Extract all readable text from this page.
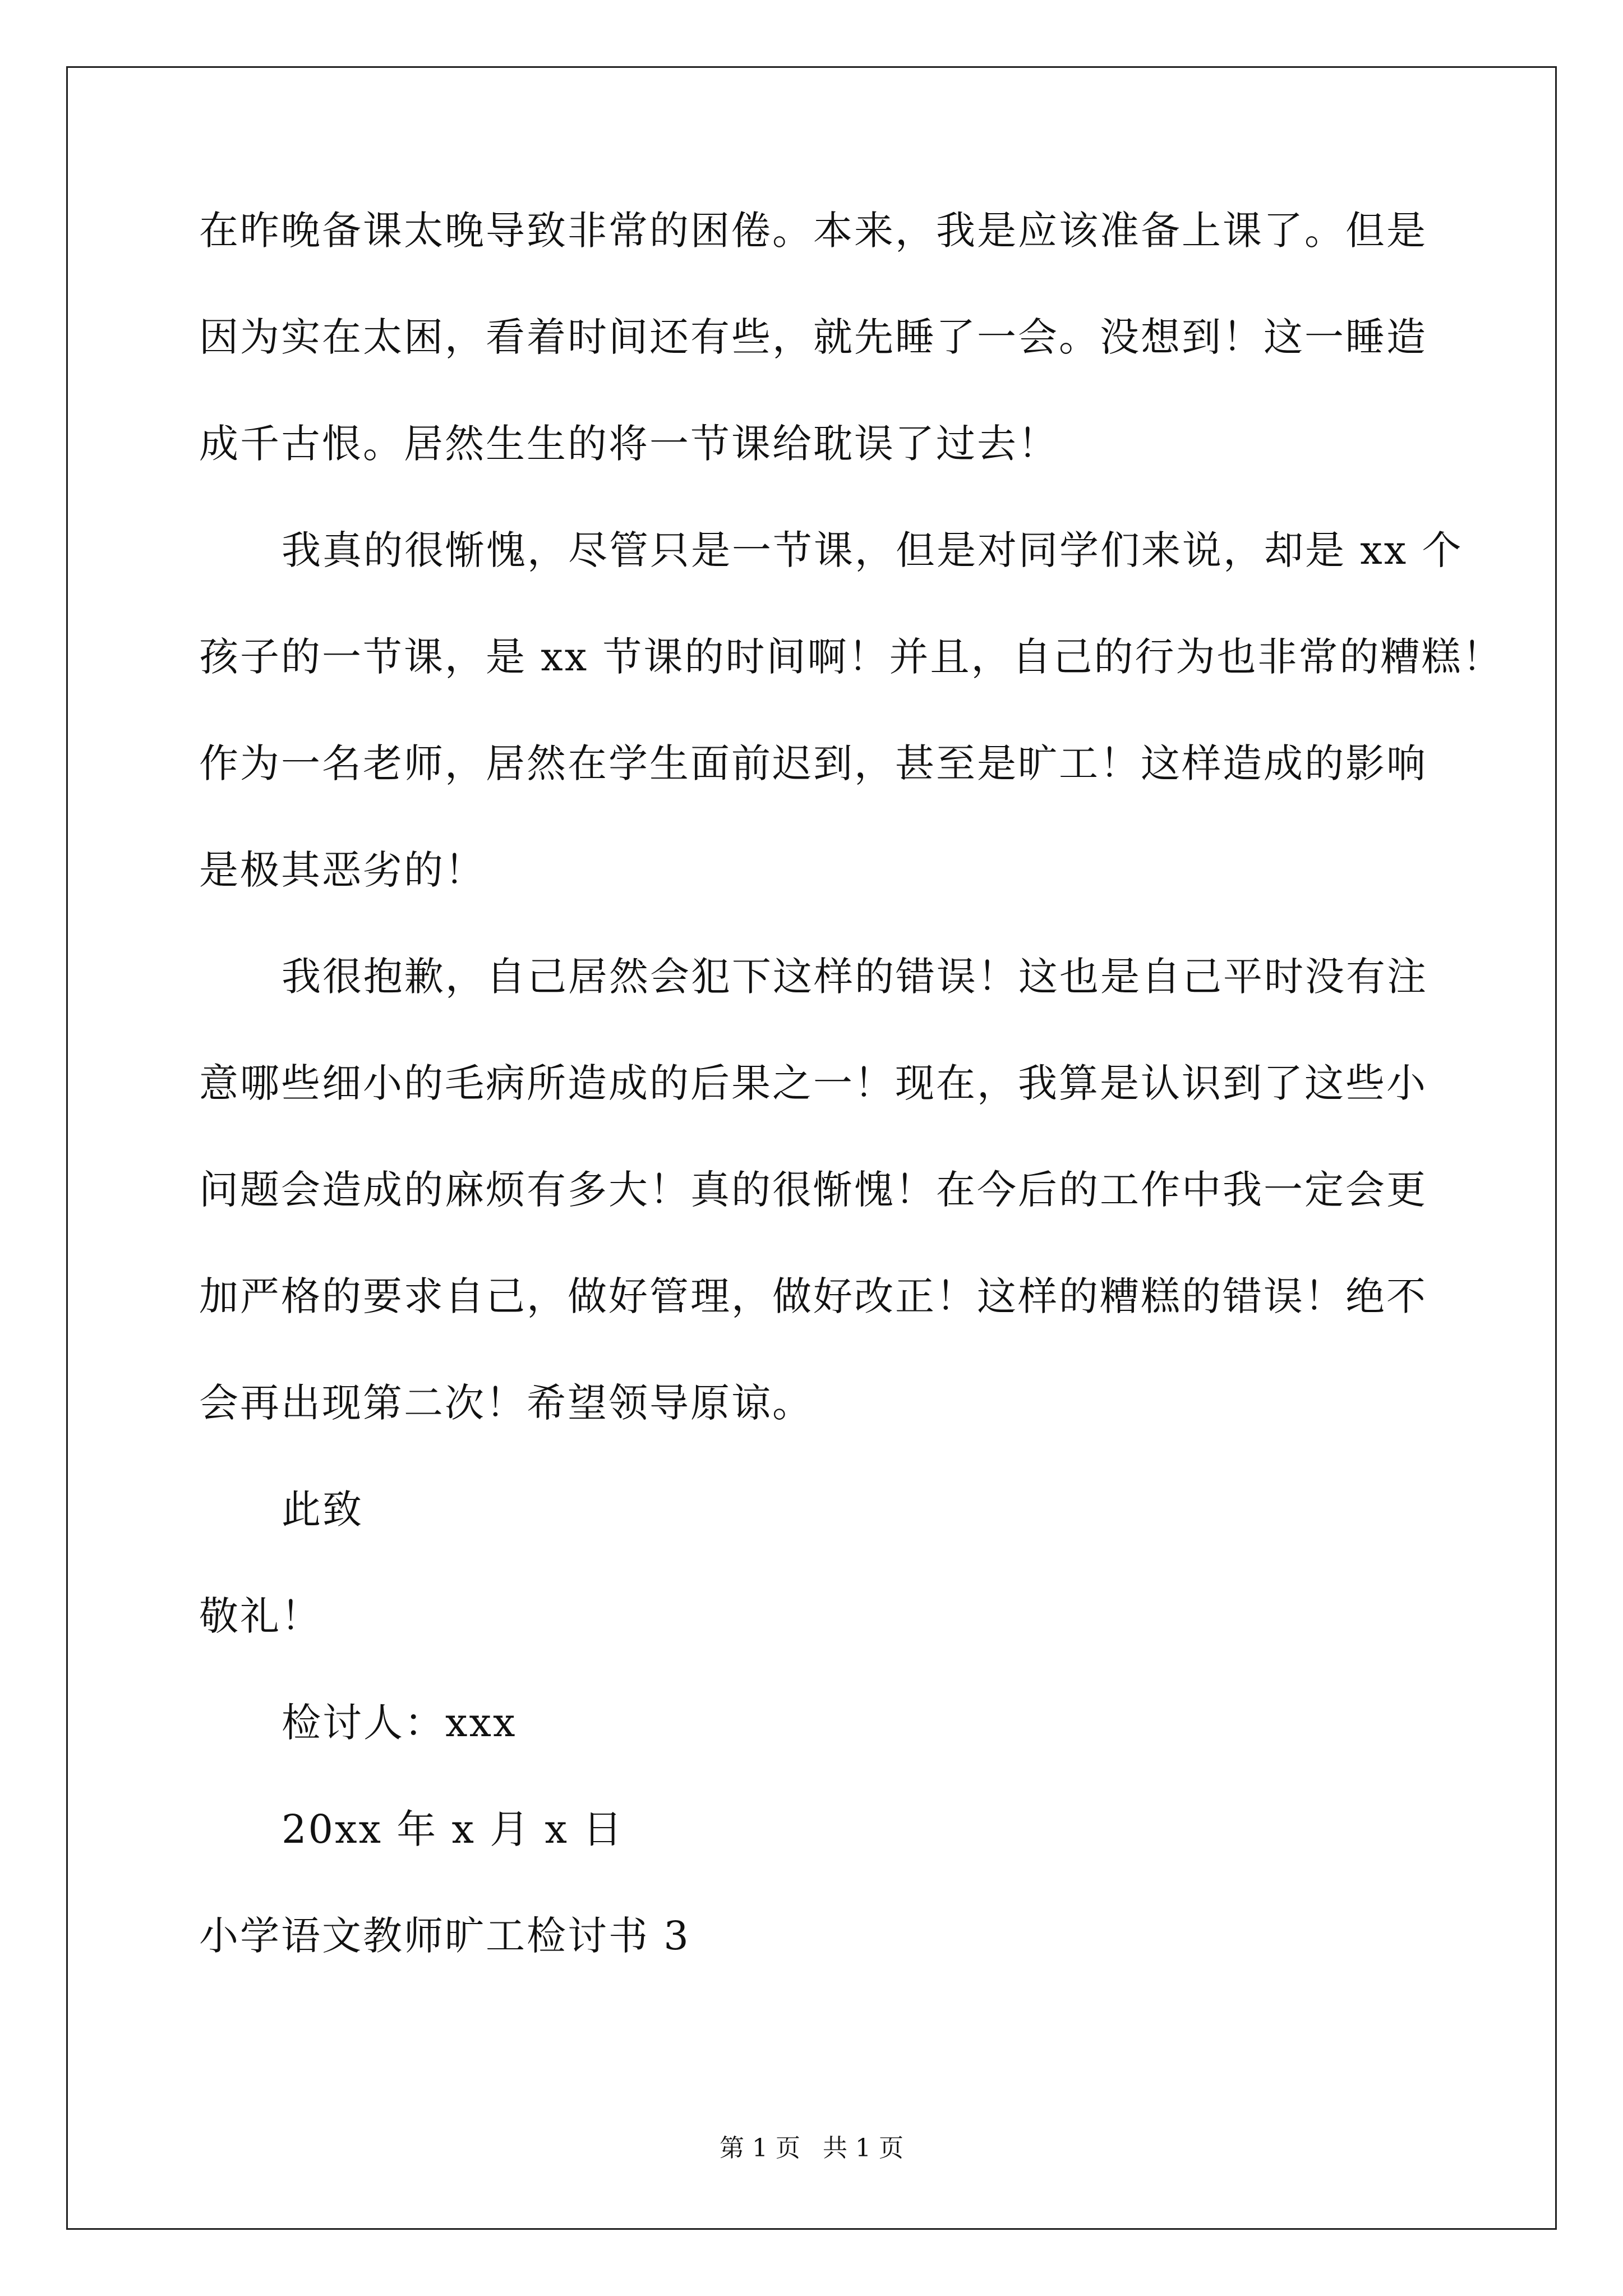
在昨晚备课太晚导致非常的困倦。本来，我是应该准备上课了。但是
因为实在太困，看着时间还有些，就先睡了一会。没想到！这一睡造
成千古恨。居然生生的将一节课给耽误了过去！
我真的很惭愧，尽管只是一节课，但是对同学们来说，却是 xx 个
孩子的一节课，是 xx 节课的时间啊！并且，自己的行为也非常的糟糕！
作为一名老师，居然在学生面前迟到，甚至是旷工！这样造成的影响
是极其恶劣的！
我很抱歉，自己居然会犯下这样的错误！这也是自己平时没有注
意哪些细小的毛病所造成的后果之一！现在，我算是认识到了这些小
问题会造成的麻烦有多大！真的很惭愧！在今后的工作中我一定会更
加严格的要求自己，做好管理，做好改正！这样的糟糕的错误！绝不
会再出现第二次！希望领导原谅。
此致
敬礼！
检讨人：xxx
20xx 年 x 月 x 日
小学语文教师旷工检讨书 3
第 1 页 共 1 页
